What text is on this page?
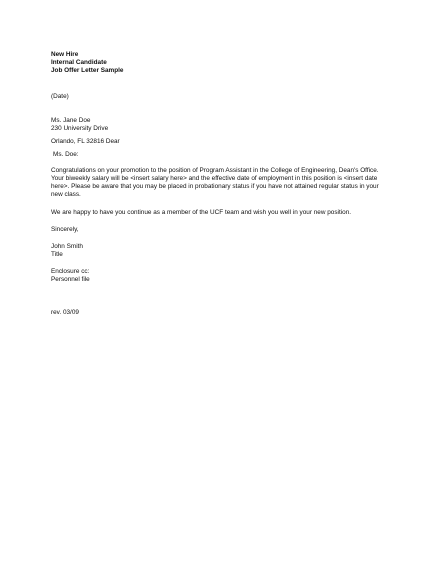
New Hire
Internal Candidate
Job Offer Letter Sample
(Date)
Ms. Jane Doe
230 University Drive
Orlando, FL 32816 Dear
Ms. Doe:
Congratulations on your promotion to the position of Program Assistant in the College of Engineering, Dean's Office.
Your biweekly salary will be <insert salary here> and the effective date of employment in this position is <insert date
here>. Please be aware that you may be placed in probationary status if you have not attained regular status in your
new class.
We are happy to have you continue as a member of the UCF team and wish you well in your new position.
Sincerely,
John Smith
Title
Enclosure cc:
Personnel file
rev. 03/09
